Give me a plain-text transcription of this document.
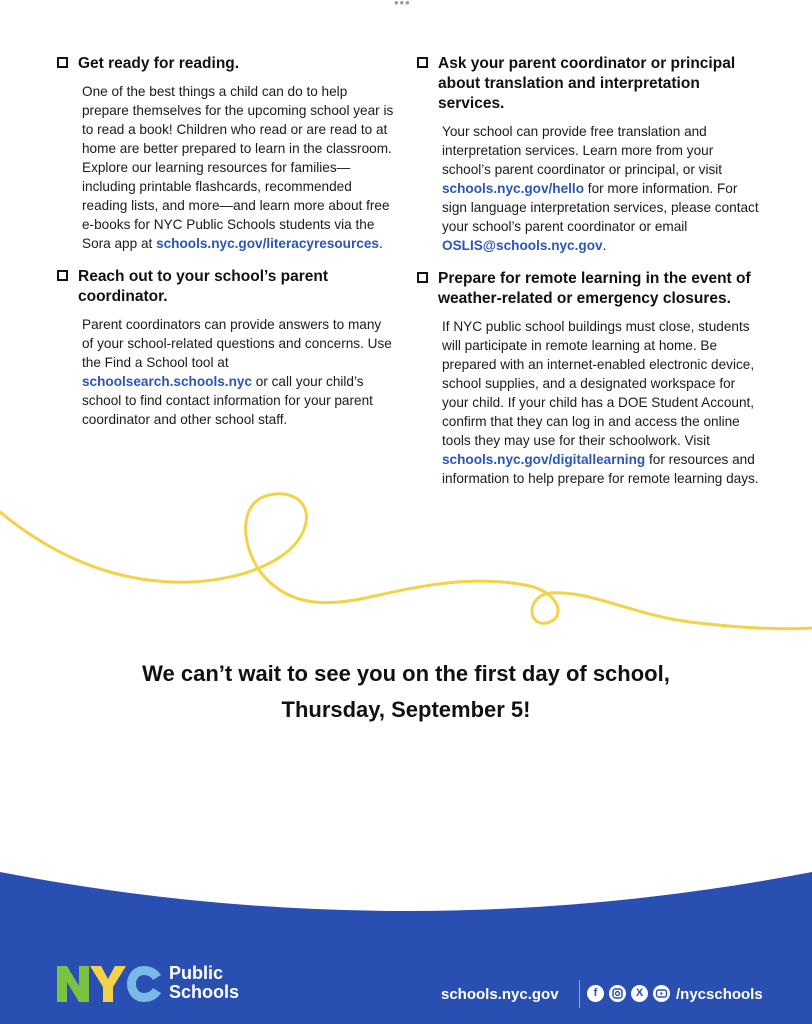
•••
Get ready for reading.
One of the best things a child can do to help prepare themselves for the upcoming school year is to read a book! Children who read or are read to at home are better prepared to learn in the classroom. Explore our learning resources for families—including printable flashcards, recommended reading lists, and more—and learn more about free e-books for NYC Public Schools students via the Sora app at schools.nyc.gov/literacyresources.
Reach out to your school’s parent coordinator.
Parent coordinators can provide answers to many of your school-related questions and concerns. Use the Find a School tool at schoolsearch.schools.nyc or call your child’s school to find contact information for your parent coordinator and other school staff.
Ask your parent coordinator or principal about translation and interpretation services.
Your school can provide free translation and interpretation services. Learn more from your school’s parent coordinator or principal, or visit schools.nyc.gov/hello for more information. For sign language interpretation services, please contact your school’s parent coordinator or email OSLIS@schools.nyc.gov.
Prepare for remote learning in the event of weather-related or emergency closures.
If NYC public school buildings must close, students will participate in remote learning at home. Be prepared with an internet-enabled electronic device, school supplies, and a designated workspace for your child. If your child has a DOE Student Account, confirm that they can log in and access the online tools they may use for their schoolwork. Visit schools.nyc.gov/digitallearning for resources and information to help prepare for remote learning days.
We can’t wait to see you on the first day of school,
Thursday, September 5!
Public
Schools	schools.nyc.gov	f	X	/nycschools
